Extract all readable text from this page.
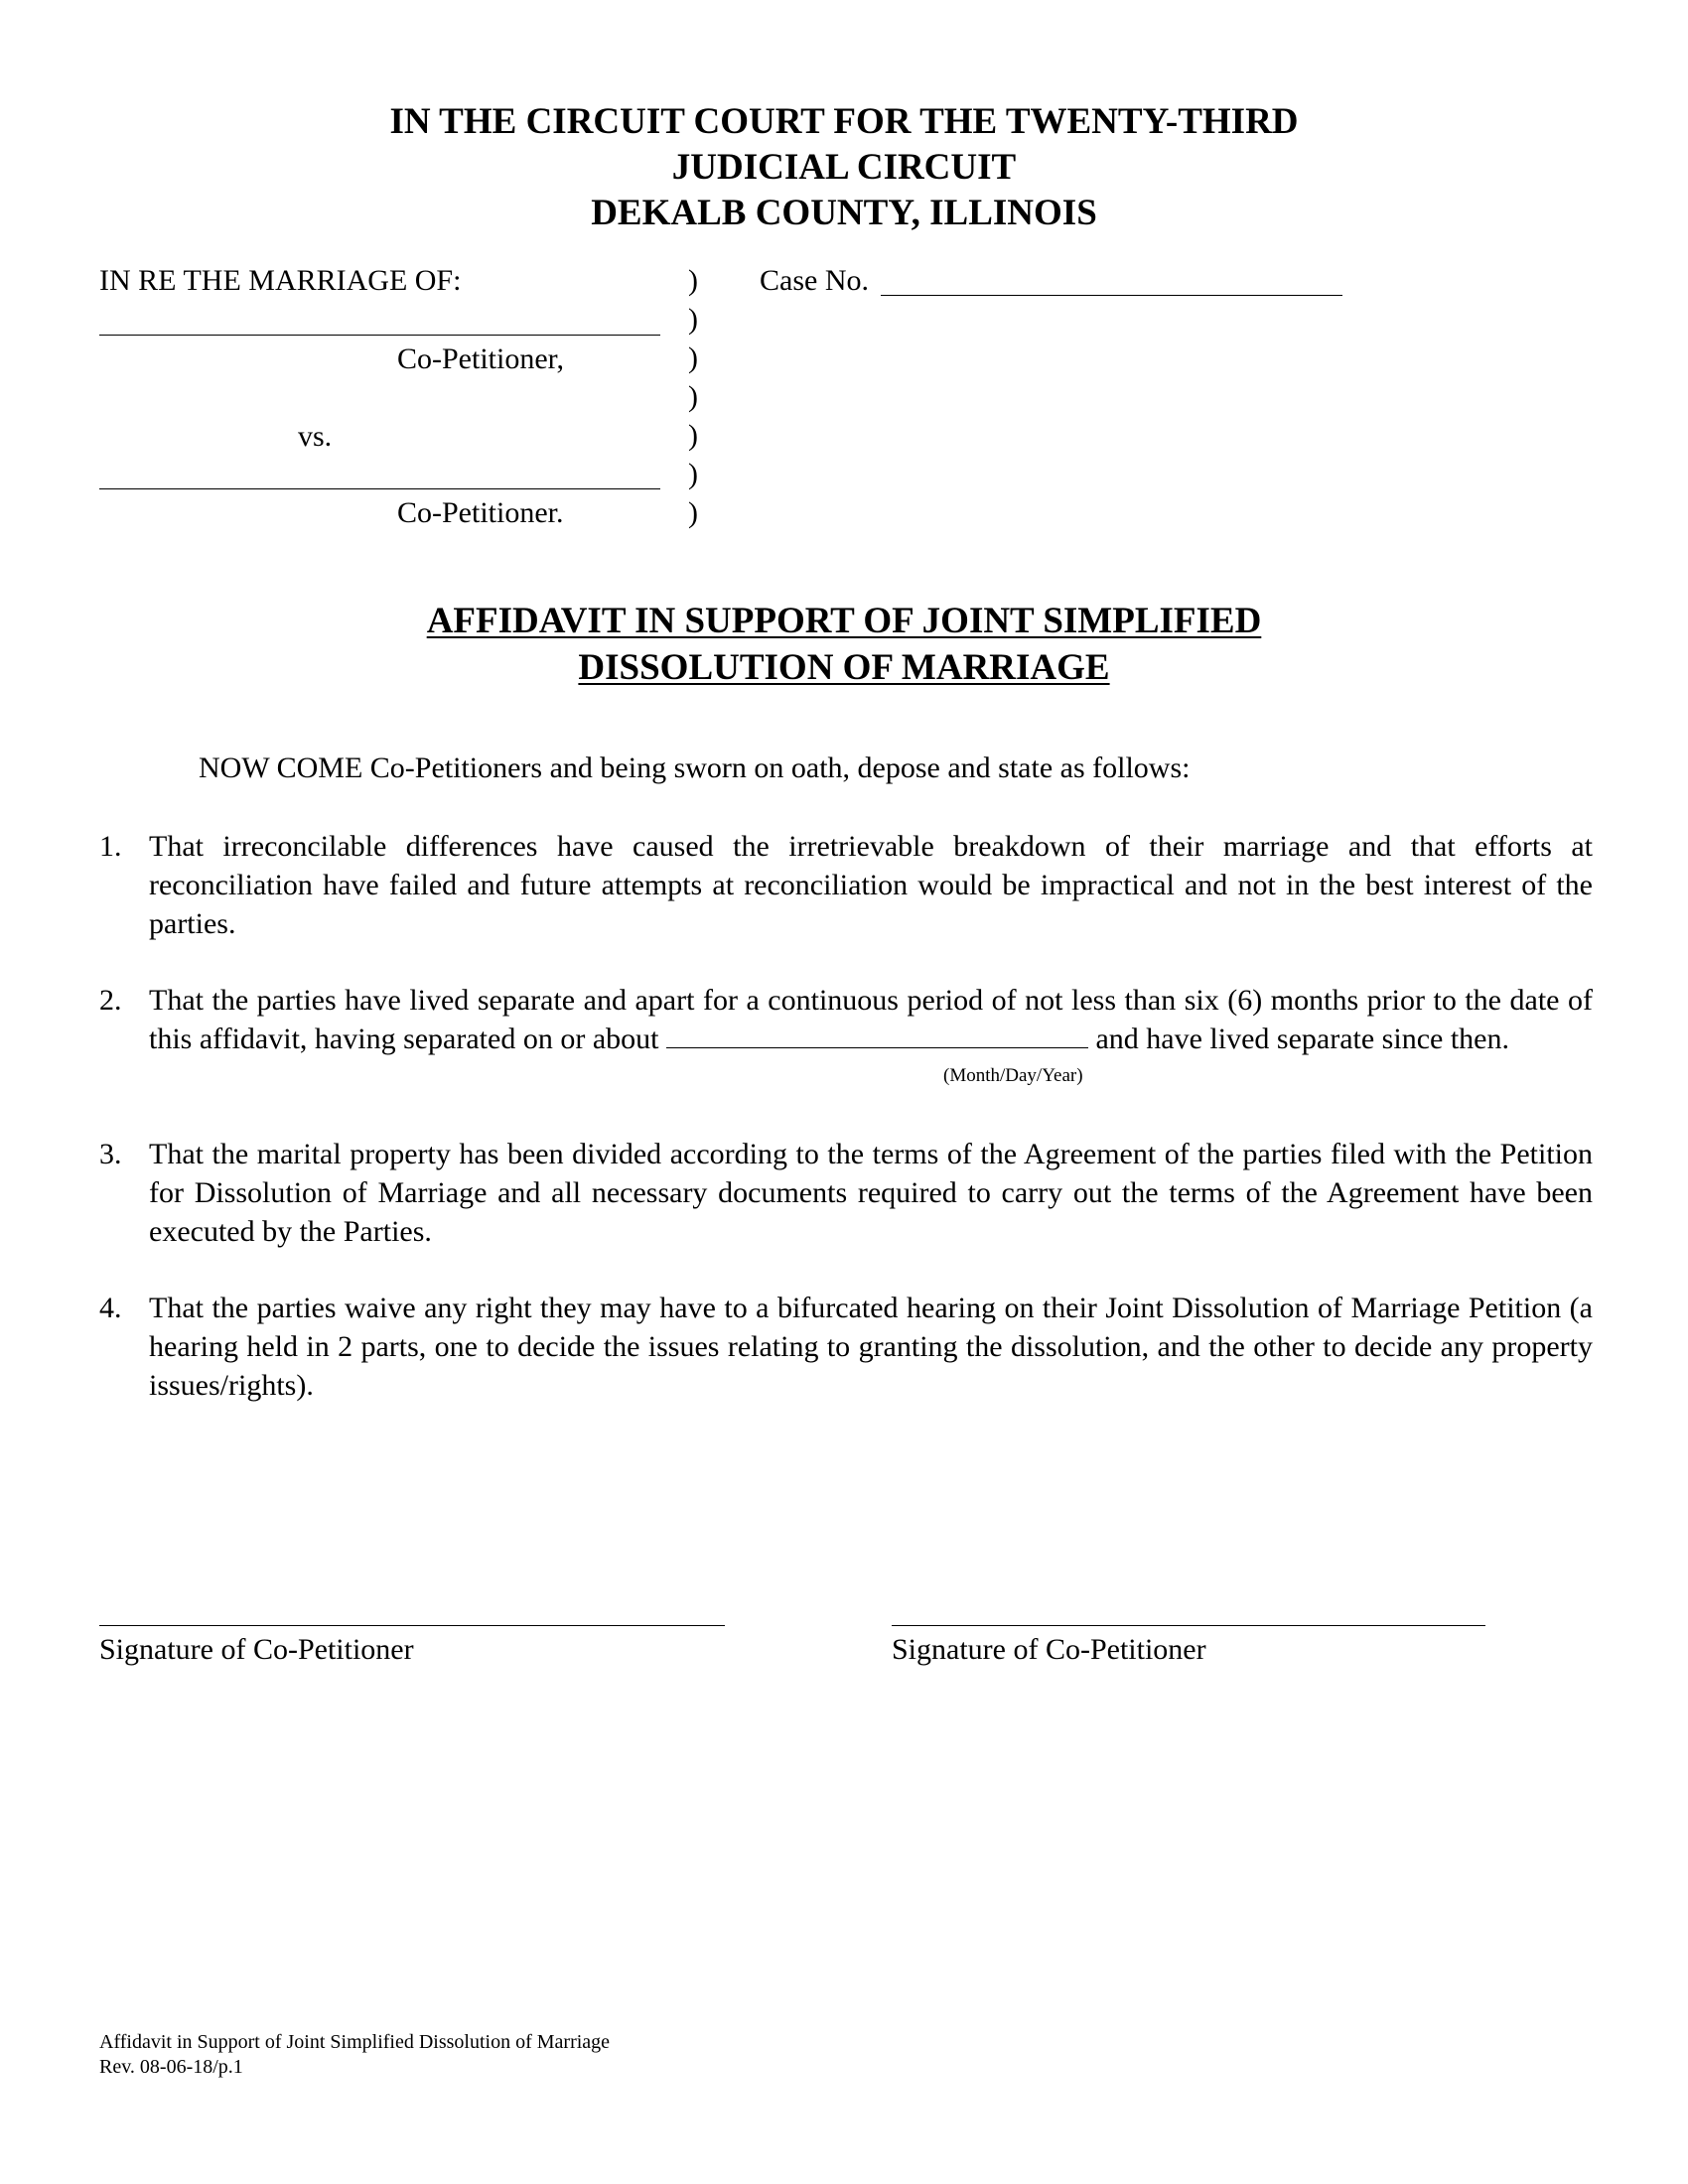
IN THE CIRCUIT COURT FOR THE TWENTY-THIRD
JUDICIAL CIRCUIT
DEKALB COUNTY, ILLINOIS
IN RE THE MARRIAGE OF:
Co-Petitioner,
vs.
Co-Petitioner.
)
)
)
)
)
)
)
Case No.
AFFIDAVIT IN SUPPORT OF JOINT SIMPLIFIED
DISSOLUTION OF MARRIAGE
NOW COME Co-Petitioners and being sworn on oath, depose and state as follows:
1. That irreconcilable differences have caused the irretrievable breakdown of their marriage and that efforts at reconciliation have failed and future attempts at reconciliation would be impractical and not in the best interest of the parties.
2. That the parties have lived separate and apart for a continuous period of not less than six (6) months prior to the date of this affidavit, having separated on or about	and have lived separate since then.
(Month/Day/Year)
3. That the marital property has been divided according to the terms of the Agreement of the parties filed with the Petition for Dissolution of Marriage and all necessary documents required to carry out the terms of the Agreement have been executed by the Parties.
4. That the parties waive any right they may have to a bifurcated hearing on their Joint Dissolution of Marriage Petition (a hearing held in 2 parts, one to decide the issues relating to granting the dissolution, and the other to decide any property issues/rights).
Signature of Co-Petitioner	Signature of Co-Petitioner
Affidavit in Support of Joint Simplified Dissolution of Marriage
Rev. 08-06-18/p.1
